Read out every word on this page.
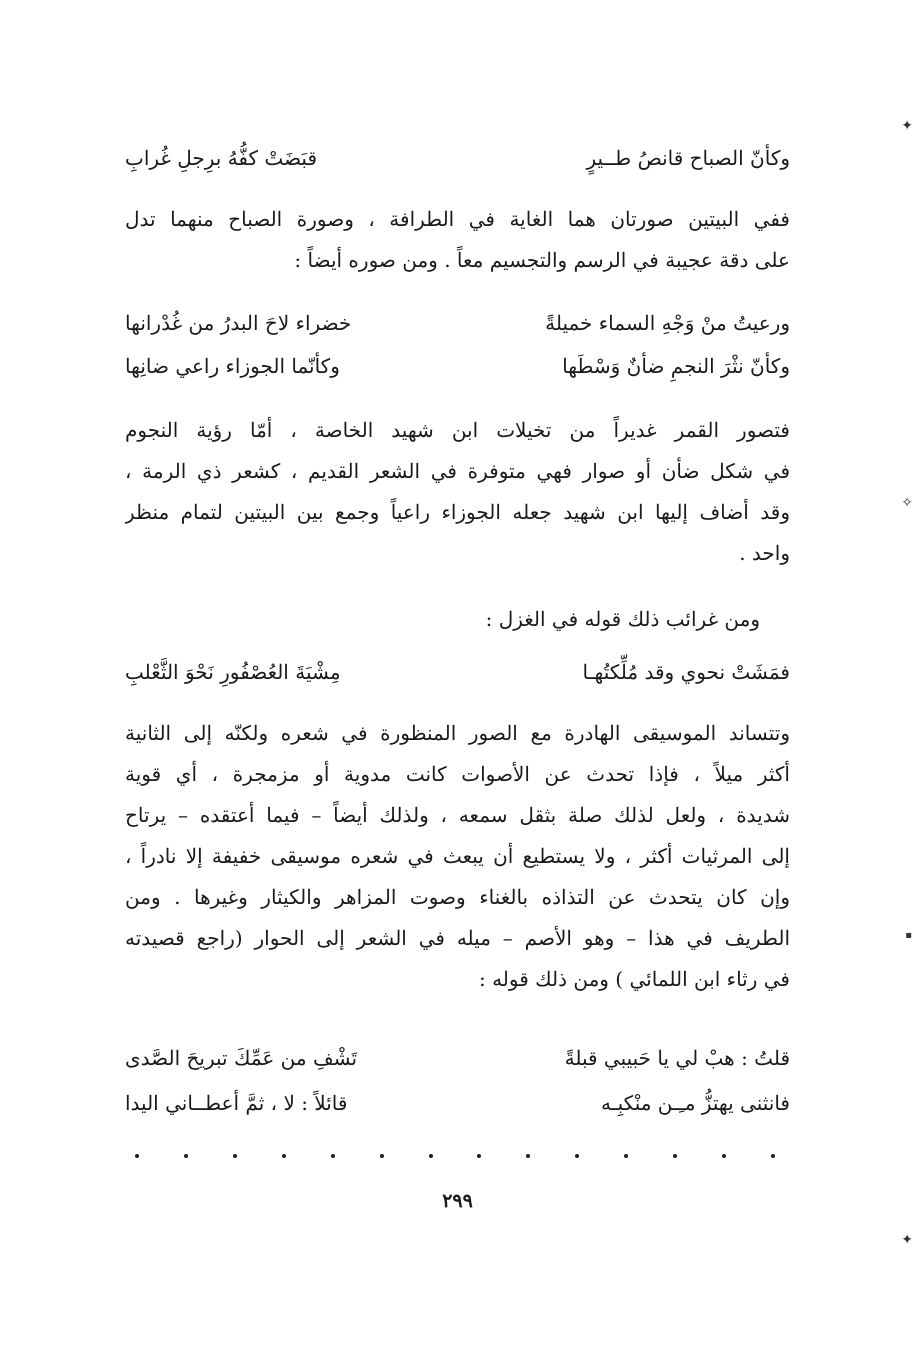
وكأنّ الصباح قانصُ طــيرٍ
قبَضَتْ كفُّهُ برِجلِ غُرابِ
ففي البيتين صورتان هما الغاية في الطرافة ، وصورة الصباح منهما تدل
على دقة عجيبة في الرسم والتجسيم معاً . ومن صوره أيضاً :
ورعيتُ منْ وَجْهِ السماء خميلةً
خضراء لاحَ البدرُ من غُدْرانها
وكأنّ نثْرَ النجمِ ضأنٌ وَسْطَها
وكأنّما الجوزاء راعي ضانِها
فتصور القمر غديراً من تخيلات ابن شهيد الخاصة ، أمّا رؤية النجوم
في شكل ضأن أو صوار فهي متوفرة في الشعر القديم ، كشعر ذي الرمة ،
وقد أضاف إليها ابن شهيد جعله الجوزاء راعياً وجمع بين البيتين لتمام منظر
واحد .
ومن غرائب ذلك قوله في الغزل :
فمَشَتْ نحوي وقد مُلِّكتُهـا
مِشْيَةَ العُصْفُورِ نَحْوَ الثَّعْلبِ
وتتساند الموسيقى الهادرة مع الصور المنظورة في شعره ولكنّه إلى الثانية
أكثر ميلاً ، فإذا تحدث عن الأصوات كانت مدوية أو مزمجرة ، أي قوية
شديدة ، ولعل لذلك صلة بثقل سمعه ، ولذلك أيضاً – فيما أعتقده – يرتاح
إلى المرثيات أكثر ، ولا يستطيع أن يبعث في شعره موسيقى خفيفة إلا نادراً ،
وإن كان يتحدث عن التذاذه بالغناء وصوت المزاهر والكيثار وغيرها . ومن
الطريف في هذا – وهو الأصم – ميله في الشعر إلى الحوار (راجع قصيدته
في رثاء ابن اللمائي ) ومن ذلك قوله :
قلتُ : هبْ لي يا حَبيبي قبلةً
تَشْفِ من عَمِّكَ تبريحَ الصَّدى
فانثنى يهتزُّ مـِـن منْكبِـه
قائلاً : لا ، ثمَّ أعطــاني اليدا
٢٩٩
✦
✧
▪
✦
